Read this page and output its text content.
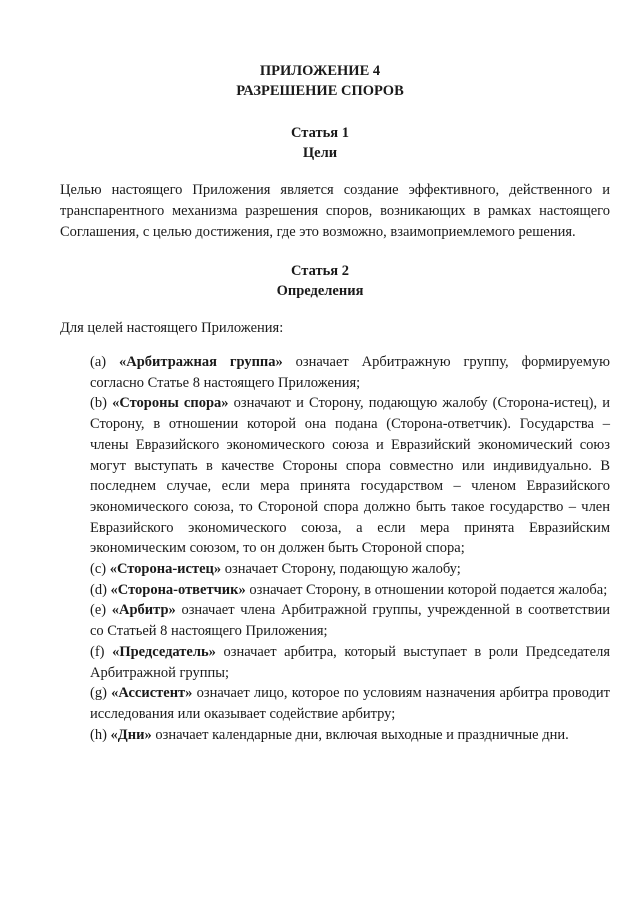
ПРИЛОЖЕНИЕ 4
РАЗРЕШЕНИЕ СПОРОВ
Статья 1
Цели
Целью настоящего Приложения является создание эффективного, действенного и транспарентного механизма разрешения споров, возникающих в рамках настоящего Соглашения, с целью достижения, где это возможно, взаимоприемлемого решения.
Статья 2
Определения
Для целей настоящего Приложения:

(a) «Арбитражная группа» означает Арбитражную группу, формируемую согласно Статье 8 настоящего Приложения;

(b) «Стороны спора» означают и Сторону, подающую жалобу (Сторона-истец), и Сторону, в отношении которой она подана (Сторона-ответчик). Государства – члены Евразийского экономического союза и Евразийский экономический союз могут выступать в качестве Стороны спора совместно или индивидуально. В последнем случае, если мера принята государством – членом Евразийского экономического союза, то Стороной спора должно быть такое государство – член Евразийского экономического союза, а если мера принята Евразийским экономическим союзом, то он должен быть Стороной спора;

(c) «Сторона-истец» означает Сторону, подающую жалобу;

(d) «Сторона-ответчик» означает Сторону, в отношении которой подается жалоба;

(e) «Арбитр» означает члена Арбитражной группы, учрежденной в соответствии со Статьей 8 настоящего Приложения;

(f) «Председатель» означает арбитра, который выступает в роли Председателя Арбитражной группы;

(g) «Ассистент» означает лицо, которое по условиям назначения арбитра проводит исследования или оказывает содействие арбитру;

(h) «Дни» означает календарные дни, включая выходные и праздничные дни.
